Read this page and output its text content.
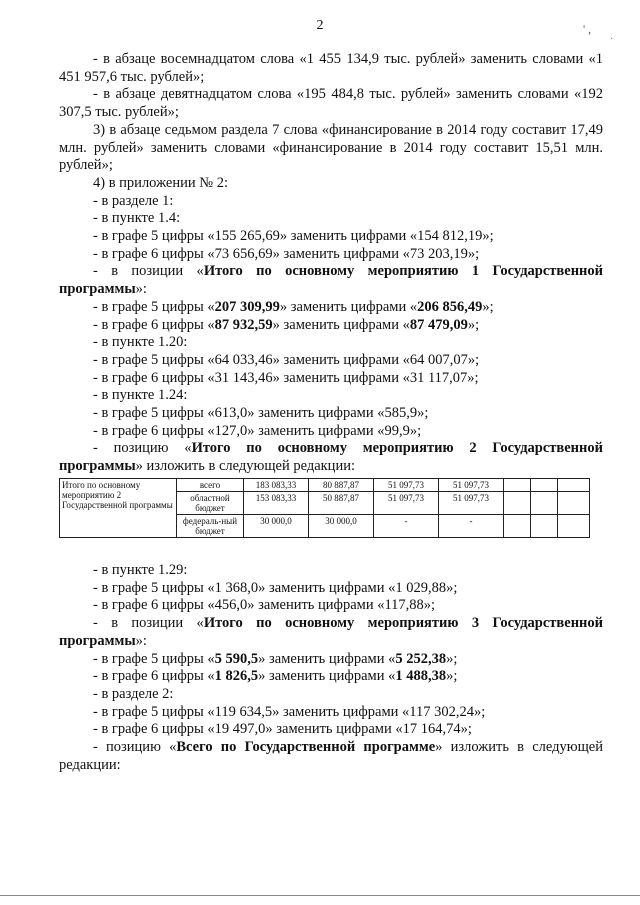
2	' ,
·

- в абзаце восемнадцатом слова «1 455 134,9 тыс. рублей» заменить словами «1 451 957,6 тыс. рублей»;

- в абзаце девятнадцатом слова «195 484,8 тыс. рублей» заменить словами «192 307,5 тыс. рублей»;

3) в абзаце седьмом раздела 7 слова «финансирование в 2014 году составит 17,49 млн. рублей» заменить словами «финансирование в 2014 году составит 15,51 млн. рублей»;

4) в приложении № 2:

- в разделе 1:

- в пункте 1.4:

- в графе 5 цифры «155 265,69» заменить цифрами «154 812,19»;

- в графе 6 цифры «73 656,69» заменить цифрами «73 203,19»;

- в позиции «Итого по основному мероприятию 1 Государственной программы»:

- в графе 5 цифры «207 309,99» заменить цифрами «206 856,49»;

- в графе 6 цифры «87 932,59» заменить цифрами «87 479,09»;

- в пункте 1.20:

- в графе 5 цифры «64 033,46» заменить цифрами «64 007,07»;

- в графе 6 цифры «31 143,46» заменить цифрами «31 117,07»;

- в пункте 1.24:

- в графе 5 цифры «613,0» заменить цифрами «585,9»;

- в графе 6 цифры «127,0» заменить цифрами «99,9»;

- позицию «Итого по основному мероприятию 2 Государственной программы» изложить в следующей редакции:

Итого по основному мероприятию 2 Государственной программы	всего	183 083,33	80 887,87	51 097,73	51 097,73			
	областной бюджет	153 083,33	50 887,87	51 097,73	51 097,73			
	федераль-ный бюджет	30 000,0	30 000,0	-	-			

- в пункте 1.29:

- в графе 5 цифры «1 368,0» заменить цифрами «1 029,88»;

- в графе 6 цифры «456,0» заменить цифрами «117,88»;

- в позиции «Итого по основному мероприятию 3 Государственной программы»:

- в графе 5 цифры «5 590,5» заменить цифрами «5 252,38»;

- в графе 6 цифры «1 826,5» заменить цифрами «1 488,38»;

- в разделе 2:

- в графе 5 цифры «119 634,5» заменить цифрами «117 302,24»;

- в графе 6 цифры «19 497,0» заменить цифрами «17 164,74»;

- позицию «Всего по Государственной программе» изложить в следующей редакции:
